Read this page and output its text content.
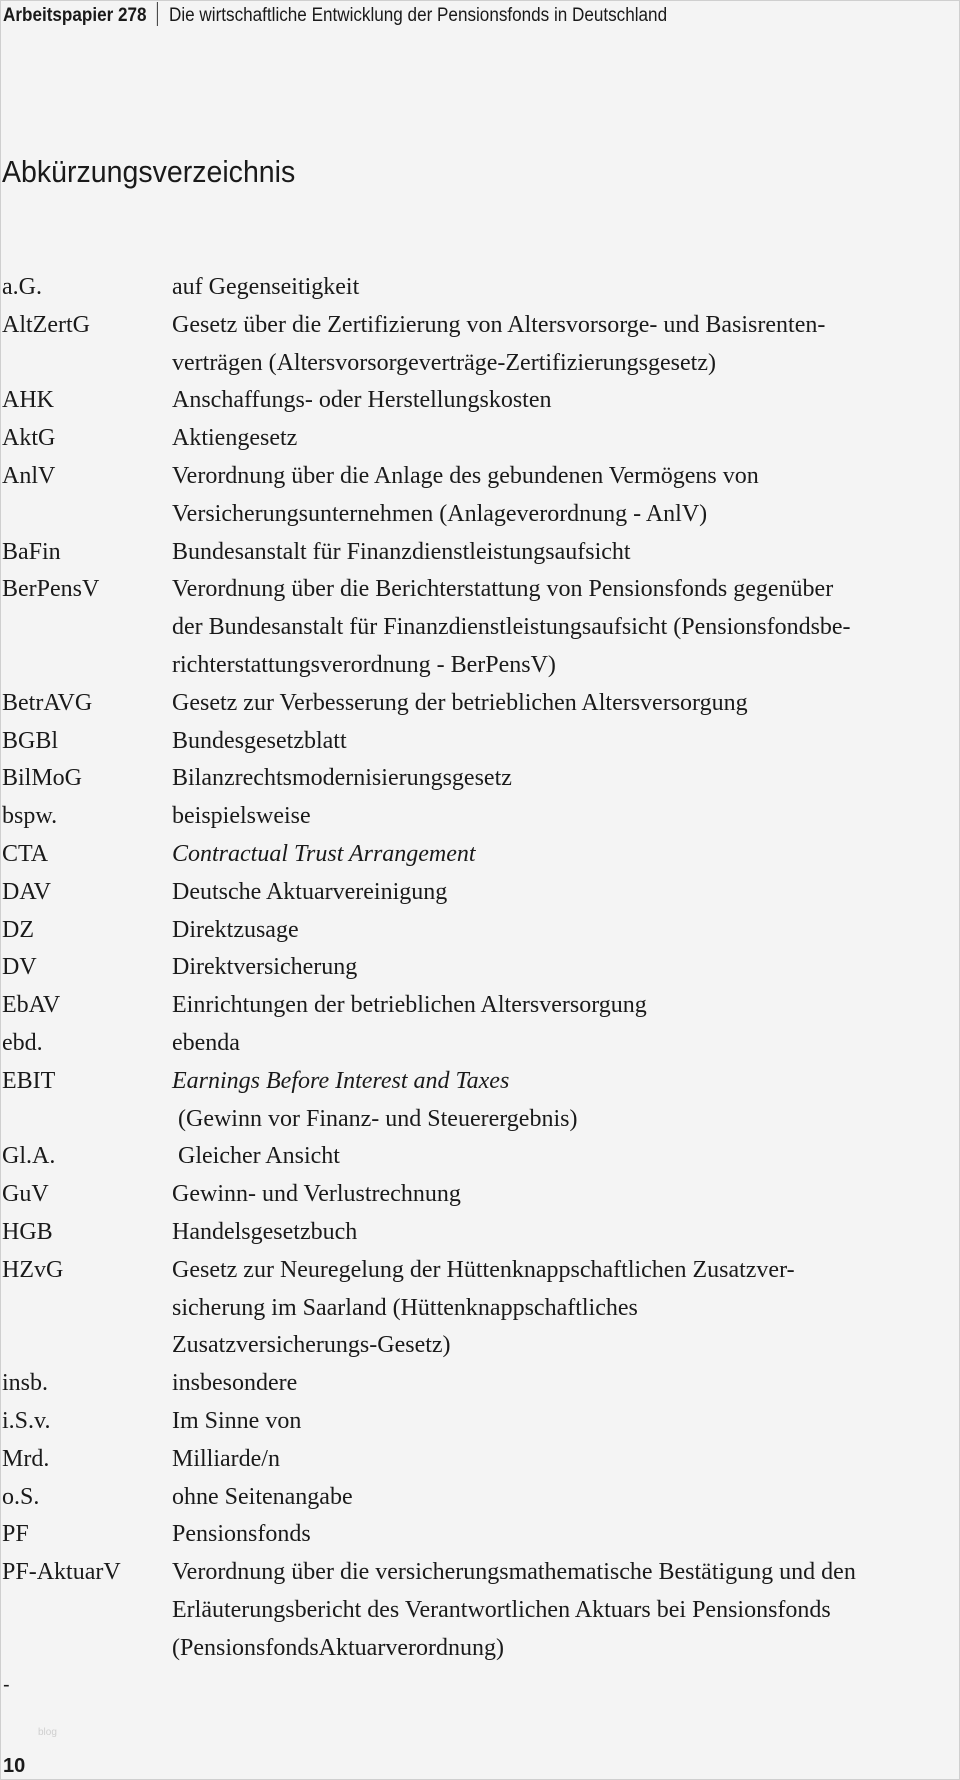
Arbeitspapier 278 Die wirtschaftliche Entwicklung der Pensionsfonds in Deutschland
Abkürzungsverzeichnis
a.G.	auf Gegenseitigkeit
AltZertG	Gesetz über die Zertifizierung von Altersvorsorge- und Basisrenten-
verträgen (Altersvorsorgeverträge-Zertifizierungsgesetz)
AHK	Anschaffungs- oder Herstellungskosten
AktG	Aktiengesetz
AnlV	Verordnung über die Anlage des gebundenen Vermögens von
Versicherungsunternehmen (Anlageverordnung - AnlV)
BaFin	Bundesanstalt für Finanzdienstleistungsaufsicht
BerPensV	Verordnung über die Berichterstattung von Pensionsfonds gegenüber
der Bundesanstalt für Finanzdienstleistungsaufsicht (Pensionsfondsbe-
richterstattungsverordnung - BerPensV)
BetrAVG	Gesetz zur Verbesserung der betrieblichen Altersversorgung
BGBl	Bundesgesetzblatt
BilMoG	Bilanzrechtsmodernisierungsgesetz
bspw.	beispielsweise
CTA	Contractual Trust Arrangement
DAV	Deutsche Aktuarvereinigung
DZ	Direktzusage
DV	Direktversicherung
EbAV	Einrichtungen der betrieblichen Altersversorgung
ebd.	ebenda
EBIT	Earnings Before Interest and Taxes
(Gewinn vor Finanz- und Steuerergebnis)
Gl.A.	Gleicher Ansicht
GuV	Gewinn- und Verlustrechnung
HGB	Handelsgesetzbuch
HZvG	Gesetz zur Neuregelung der Hüttenknappschaftlichen Zusatzver-
sicherung im Saarland (Hüttenknappschaftliches
Zusatzversicherungs-Gesetz)
insb.	insbesondere
i.S.v.	Im Sinne von
Mrd.	Milliarde/n
o.S.	ohne Seitenangabe
PF	Pensionsfonds
PF-AktuarV	Verordnung über die versicherungsmathematische Bestätigung und den
Erläuterungsbericht des Verantwortlichen Aktuars bei Pensionsfonds
(PensionsfondsAktuarverordnung)
-
blog
10
